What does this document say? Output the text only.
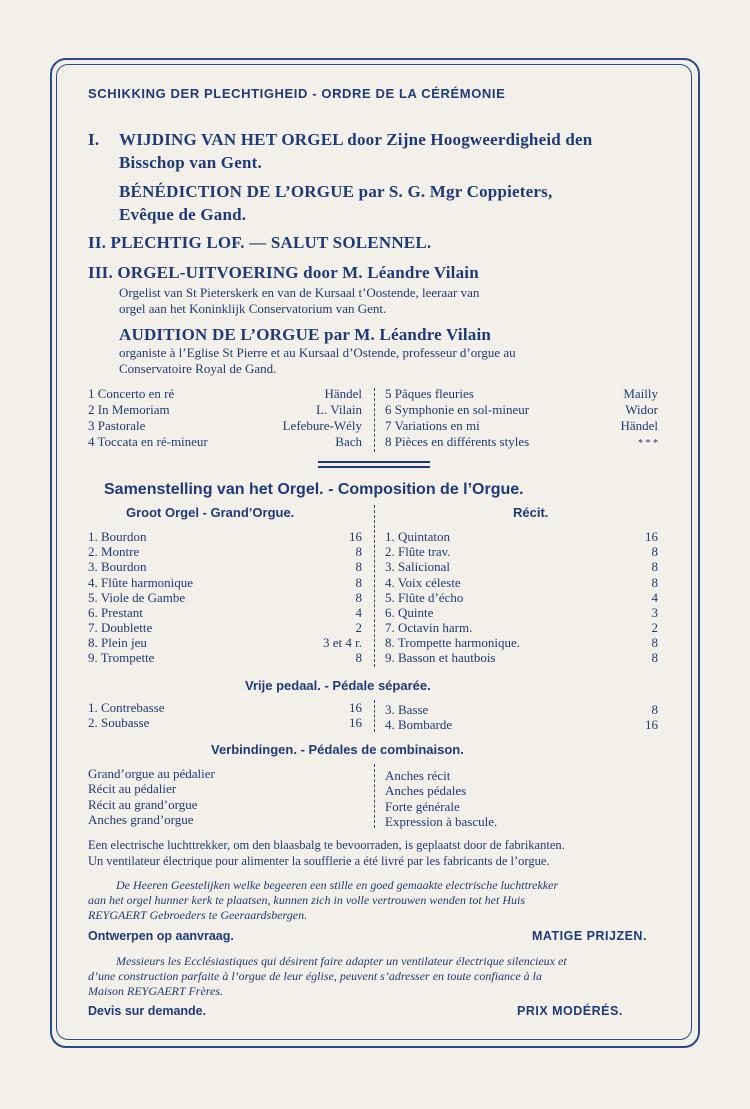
SCHIKKING DER PLECHTIGHEID - ORDRE DE LA CÉRÉMONIE
I. WIJDING VAN HET ORGEL door Zijne Hoogweerdigheid den
Bisschop van Gent.
BÉNÉDICTION DE L’ORGUE par S. G. Mgr Coppieters,
Evêque de Gand.
II. PLECHTIG LOF. — SALUT SOLENNEL.
III. ORGEL-UITVOERING door M. Léandre Vilain
Orgelist van St Pieterskerk en van de Kursaal t’Oostende, leeraar van
orgel aan het Koninklijk Conservatorium van Gent.
AUDITION DE L’ORGUE par M. Léandre Vilain
organiste à l’Eglise St Pierre et au Kursaal d’Ostende, professeur d’orgue au
Conservatoire Royal de Gand.
1 Concerto en ré	Händel
2 In Memoriam	L. Vilain
3 Pastorale	Lefebure-Wély
4 Toccata en ré-mineur	Bach
5 Pâques fleuries	Mailly
6 Symphonie en sol-mineur	Widor
7 Variations en mi	Händel
8 Pièces en différents styles	* * *
Samenstelling van het Orgel. - Composition de l’Orgue.
Groot Orgel - Grand’Orgue.	Récit.
1. Bourdon	16
2. Montre	8
3. Bourdon	8
4. Flûte harmonique	8
5. Viole de Gambe	8
6. Prestant	4
7. Doublette	2
8. Plein jeu	3 et 4 r.
9. Trompette	8
1. Quintaton	16
2. Flûte trav.	8
3. Salicional	8
4. Voix céleste	8
5. Flûte d’écho	4
6. Quinte	3
7. Octavin harm.	2
8. Trompette harmonique.	8
9. Basson et hautbois	8
Vrije pedaal. - Pédale séparée.
1. Contrebasse	16
2. Soubasse	16
3. Basse	8
4. Bombarde	16
Verbindingen. - Pédales de combinaison.
Grand’orgue au pédalier
Récit au pédalier
Récit au grand’orgue
Anches grand’orgue
Anches récit
Anches pédales
Forte générale
Expression à bascule.
Een electrische luchttrekker, om den blaasbalg te bevoorraden, is geplaatst door de fabrikanten.
Un ventilateur électrique pour alimenter la soufflerie a été livré par les fabricants de l’orgue.
De Heeren Geestelijken welke begeeren een stille en goed gemaakte electrische luchttrekker
aan het orgel hunner kerk te plaatsen, kunnen zich in volle vertrouwen wenden tot het Huis
REYGAERT Gebroeders te Geeraardsbergen.
Ontwerpen op aanvraag.	MATIGE PRIJZEN.
Messieurs les Ecclésiastiques qui désirent faire adapter un ventilateur électrique silencieux et
d’une construction parfaite à l’orgue de leur église, peuvent s’adresser en toute confiance à la
Maison REYGAERT Frères.
Devis sur demande.	PRIX MODÉRÉS.
